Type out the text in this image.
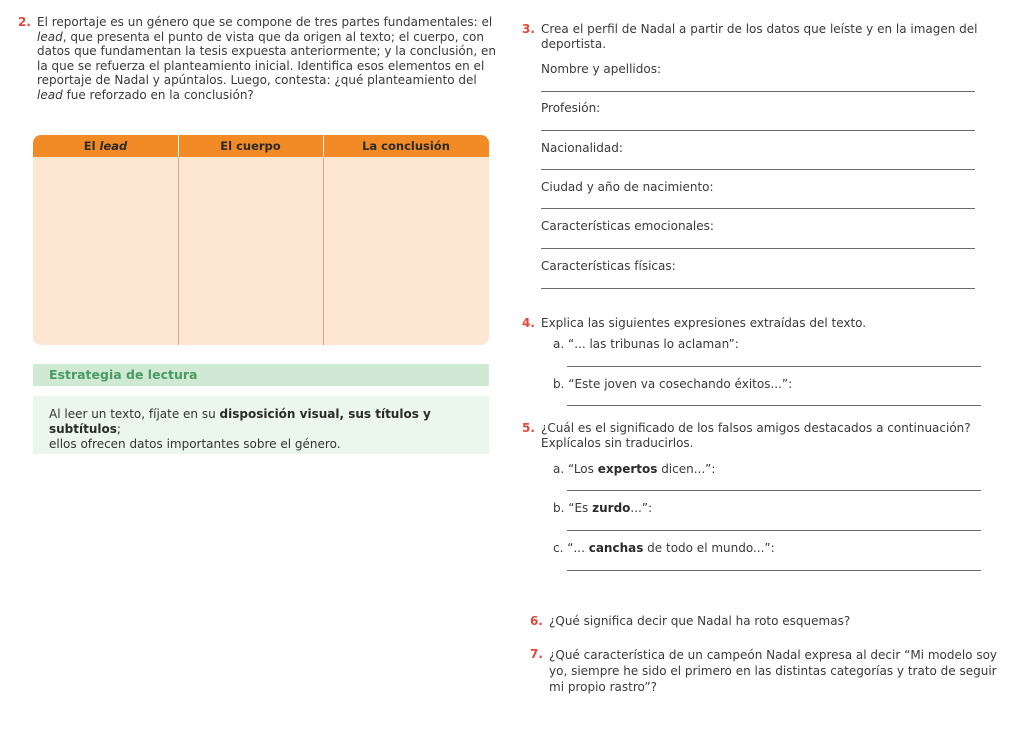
2. El reportaje es un género que se compone de tres partes fundamentales: el
lead, que presenta el punto de vista que da origen al texto; el cuerpo, con
datos que fundamentan la tesis expuesta anteriormente; y la conclusión, en
la que se refuerza el planteamiento inicial. Identifica esos elementos en el
reportaje de Nadal y apúntalos. Luego, contesta: ¿qué planteamiento del
lead fue reforzado en la conclusión?
El lead	El cuerpo	La conclusión
Estrategia de lectura
Al leer un texto, fíjate en su disposición visual, sus títulos y subtítulos;
ellos ofrecen datos importantes sobre el género.
3. Crea el perfil de Nadal a partir de los datos que leíste y en la imagen del
deportista.
Nombre y apellidos:
Profesión:
Nacionalidad:
Ciudad y año de nacimiento:
Características emocionales:
Características físicas:
4. Explica las siguientes expresiones extraídas del texto.
a. “... las tribunas lo aclaman”:
b. “Este joven va cosechando éxitos...”:
5. ¿Cuál es el significado de los falsos amigos destacados a continuación?
Explícalos sin traducirlos.
a. “Los expertos dicen...”:
b. “Es zurdo...”:
c. “... canchas de todo el mundo...”:
6. ¿Qué significa decir que Nadal ha roto esquemas?
7. ¿Qué característica de un campeón Nadal expresa al decir “Mi modelo soy
yo, siempre he sido el primero en las distintas categorías y trato de seguir
mi propio rastro”?
